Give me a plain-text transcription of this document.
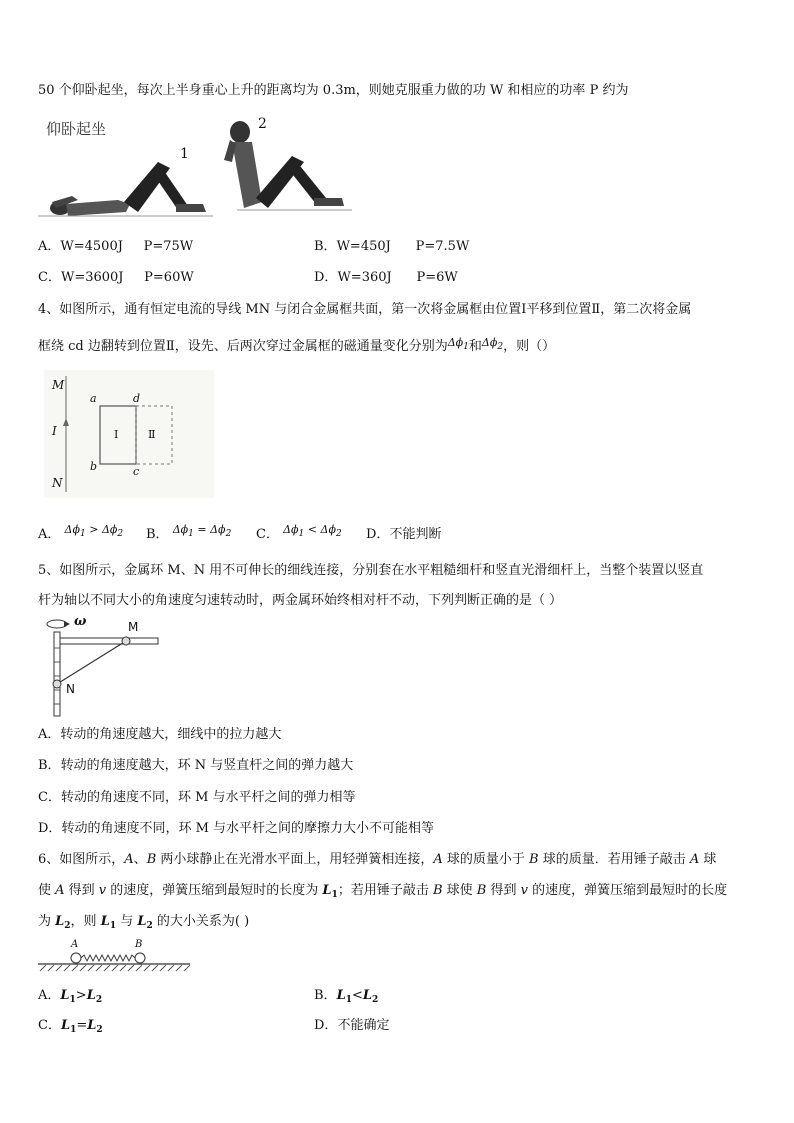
50 个仰卧起坐，每次上半身重心上升的距离均为 0.3m，则她克服重力做的功 W 和相应的功率 P 约为
仰卧起坐
1
2
A．W=4500J     P=75W	B．W=450J      P=7.5W
C．W=3600J     P=60W	D．W=360J      P=6W
4、如图所示，通有恒定电流的导线 MN 与闭合金属框共面，第一次将金属框由位置Ⅰ平移到位置Ⅱ，第二次将金属
框绕 cd 边翻转到位置Ⅱ，设先、后两次穿过金属框的磁通量变化分别为$^{\Delta\phi_1}$和$^{\Delta\phi_2}$，则（）
M
I
N
a	d
b	c
Ⅰ	Ⅱ
A． $^{\Delta\phi_1 > \Delta\phi_2}$ B． $^{\Delta\phi_1 = \Delta\phi_2}$ C． $^{\Delta\phi_1 < \Delta\phi_2}$ D．不能判断
5、如图所示，金属环 M、N 用不可伸长的细线连接，分别套在水平粗糙细杆和竖直光滑细杆上，当整个装置以竖直
杆为轴以不同大小的角速度匀速转动时，两金属环始终相对杆不动，下列判断正确的是（ ）
ω	M
N
A．转动的角速度越大，细线中的拉力越大
B．转动的角速度越大，环 N 与竖直杆之间的弹力越大
C．转动的角速度不同，环 M 与水平杆之间的弹力相等
D．转动的角速度不同，环 M 与水平杆之间的摩擦力大小不可能相等
6、如图所示，A、B 两小球静止在光滑水平面上，用轻弹簧相连接，A 球的质量小于 B 球的质量．若用锤子敲击 A 球
使 A 得到 v 的速度，弹簧压缩到最短时的长度为 $L_1$；若用锤子敲击 B 球使 B 得到 v 的速度，弹簧压缩到最短时的长度
为 $L_2$，则 $L_1$ 与 $L_2$ 的大小关系为( )
A	B
A．$L_1>L_2$	B．$L_1<L_2$
C．$L_1=L_2$	D．不能确定
